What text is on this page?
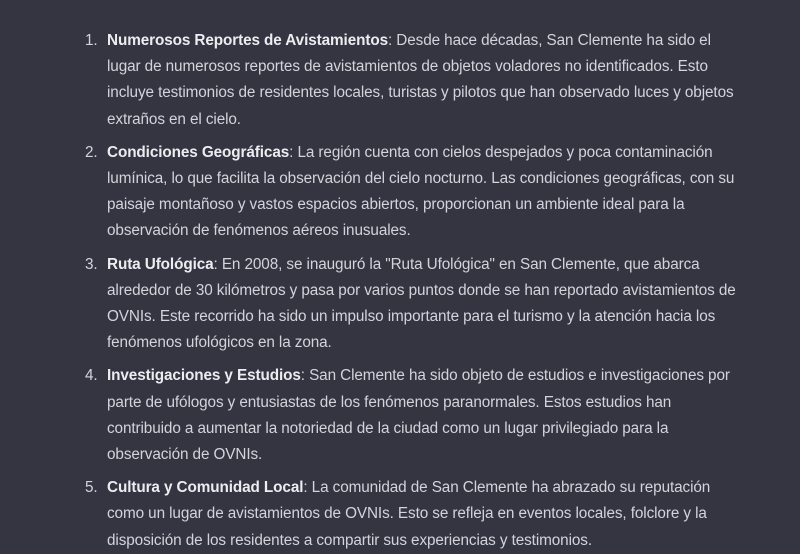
1. Numerosos Reportes de Avistamientos: Desde hace décadas, San Clemente ha sido el lugar de numerosos reportes de avistamientos de objetos voladores no identificados. Esto incluye testimonios de residentes locales, turistas y pilotos que han observado luces y objetos extraños en el cielo.
2. Condiciones Geográficas: La región cuenta con cielos despejados y poca contaminación lumínica, lo que facilita la observación del cielo nocturno. Las condiciones geográficas, con su paisaje montañoso y vastos espacios abiertos, proporcionan un ambiente ideal para la observación de fenómenos aéreos inusuales.
3. Ruta Ufológica: En 2008, se inauguró la "Ruta Ufológica" en San Clemente, que abarca alrededor de 30 kilómetros y pasa por varios puntos donde se han reportado avistamientos de OVNIs. Este recorrido ha sido un impulso importante para el turismo y la atención hacia los fenómenos ufológicos en la zona.
4. Investigaciones y Estudios: San Clemente ha sido objeto de estudios e investigaciones por parte de ufólogos y entusiastas de los fenómenos paranormales. Estos estudios han contribuido a aumentar la notoriedad de la ciudad como un lugar privilegiado para la observación de OVNIs.
5. Cultura y Comunidad Local: La comunidad de San Clemente ha abrazado su reputación como un lugar de avistamientos de OVNIs. Esto se refleja en eventos locales, folclore y la disposición de los residentes a compartir sus experiencias y testimonios.
